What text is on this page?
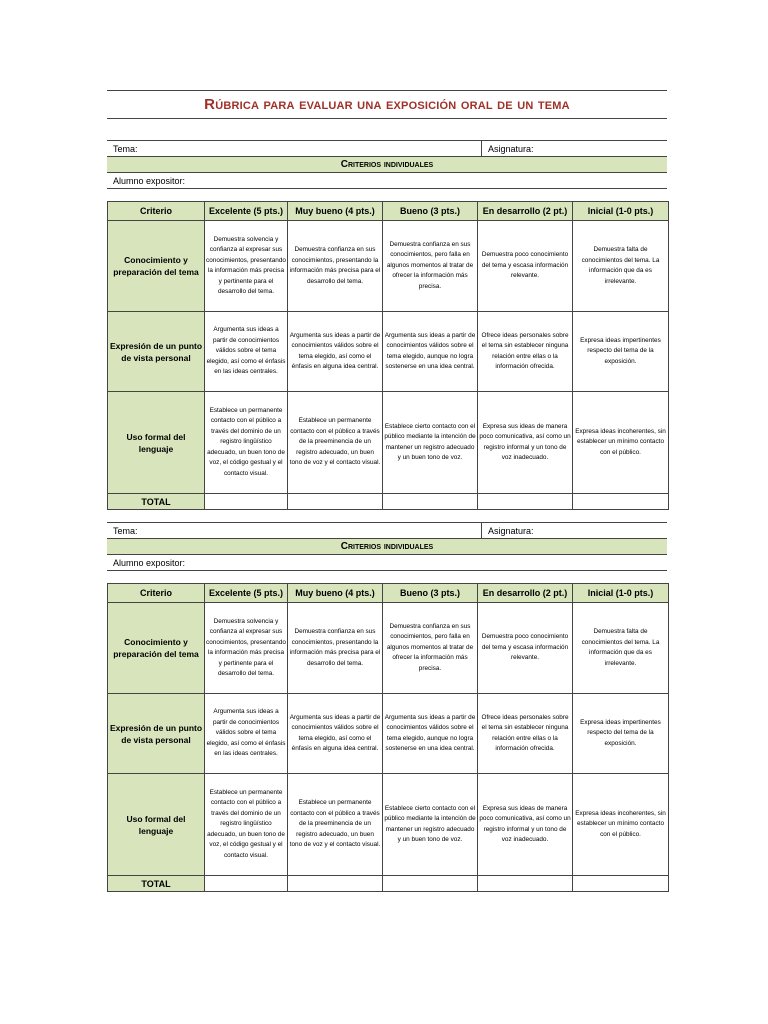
Rúbrica para evaluar una exposición oral de un tema
Tema:	Asignatura:
Criterios individuales
Alumno expositor:
Criterio	Excelente (5 pts.)	Muy bueno (4 pts.)	Bueno (3 pts.)	En desarrollo (2 pt.)	Inicial (1-0 pts.)
Conocimiento y preparación del tema	Demuestra solvencia y confianza al expresar sus conocimientos, presentando la información más precisa y pertinente para el desarrollo del tema.	Demuestra confianza en sus conocimientos, presentando la información más precisa para el desarrollo del tema.	Demuestra confianza en sus conocimientos, pero falla en algunos momentos al tratar de ofrecer la información más precisa.	Demuestra poco conocimiento del tema y escasa información relevante.	Demuestra falta de conocimientos del tema. La información que da es irrelevante.
Expresión de un punto de vista personal	Argumenta sus ideas a partir de conocimientos válidos sobre el tema elegido, así como el énfasis en las ideas centrales.	Argumenta sus ideas a partir de conocimientos válidos sobre el tema elegido, así como el énfasis en alguna idea central.	Argumenta sus ideas a partir de conocimientos válidos sobre el tema elegido, aunque no logra sostenerse en una idea central.	Ofrece ideas personales sobre el tema sin establecer ninguna relación entre ellas o la información ofrecida.	Expresa ideas impertinentes respecto del tema de la exposición.
Uso formal del lenguaje	Establece un permanente contacto con el público a través del dominio de un registro lingüístico adecuado, un buen tono de voz, el código gestual y el contacto visual.	Establece un permanente contacto con el público a través de la preeminencia de un registro adecuado, un buen tono de voz y el contacto visual.	Establece cierto contacto con el público mediante la intención de mantener un registro adecuado y un buen tono de voz.	Expresa sus ideas de manera poco comunicativa, así como un registro informal y un tono de voz inadecuado.	Expresa ideas incoherentes, sin establecer un mínimo contacto con el público.
TOTAL					
Tema:	Asignatura:
Criterios individuales
Alumno expositor:
Criterio	Excelente (5 pts.)	Muy bueno (4 pts.)	Bueno (3 pts.)	En desarrollo (2 pt.)	Inicial (1-0 pts.)
Conocimiento y preparación del tema	Demuestra solvencia y confianza al expresar sus conocimientos, presentando la información más precisa y pertinente para el desarrollo del tema.	Demuestra confianza en sus conocimientos, presentando la información más precisa para el desarrollo del tema.	Demuestra confianza en sus conocimientos, pero falla en algunos momentos al tratar de ofrecer la información más precisa.	Demuestra poco conocimiento del tema y escasa información relevante.	Demuestra falta de conocimientos del tema. La información que da es irrelevante.
Expresión de un punto de vista personal	Argumenta sus ideas a partir de conocimientos válidos sobre el tema elegido, así como el énfasis en las ideas centrales.	Argumenta sus ideas a partir de conocimientos válidos sobre el tema elegido, así como el énfasis en alguna idea central.	Argumenta sus ideas a partir de conocimientos válidos sobre el tema elegido, aunque no logra sostenerse en una idea central.	Ofrece ideas personales sobre el tema sin establecer ninguna relación entre ellas o la información ofrecida.	Expresa ideas impertinentes respecto del tema de la exposición.
Uso formal del lenguaje	Establece un permanente contacto con el público a través del dominio de un registro lingüístico adecuado, un buen tono de voz, el código gestual y el contacto visual.	Establece un permanente contacto con el público a través de la preeminencia de un registro adecuado, un buen tono de voz y el contacto visual.	Establece cierto contacto con el público mediante la intención de mantener un registro adecuado y un buen tono de voz.	Expresa sus ideas de manera poco comunicativa, así como un registro informal y un tono de voz inadecuado.	Expresa ideas incoherentes, sin establecer un mínimo contacto con el público.
TOTAL					
